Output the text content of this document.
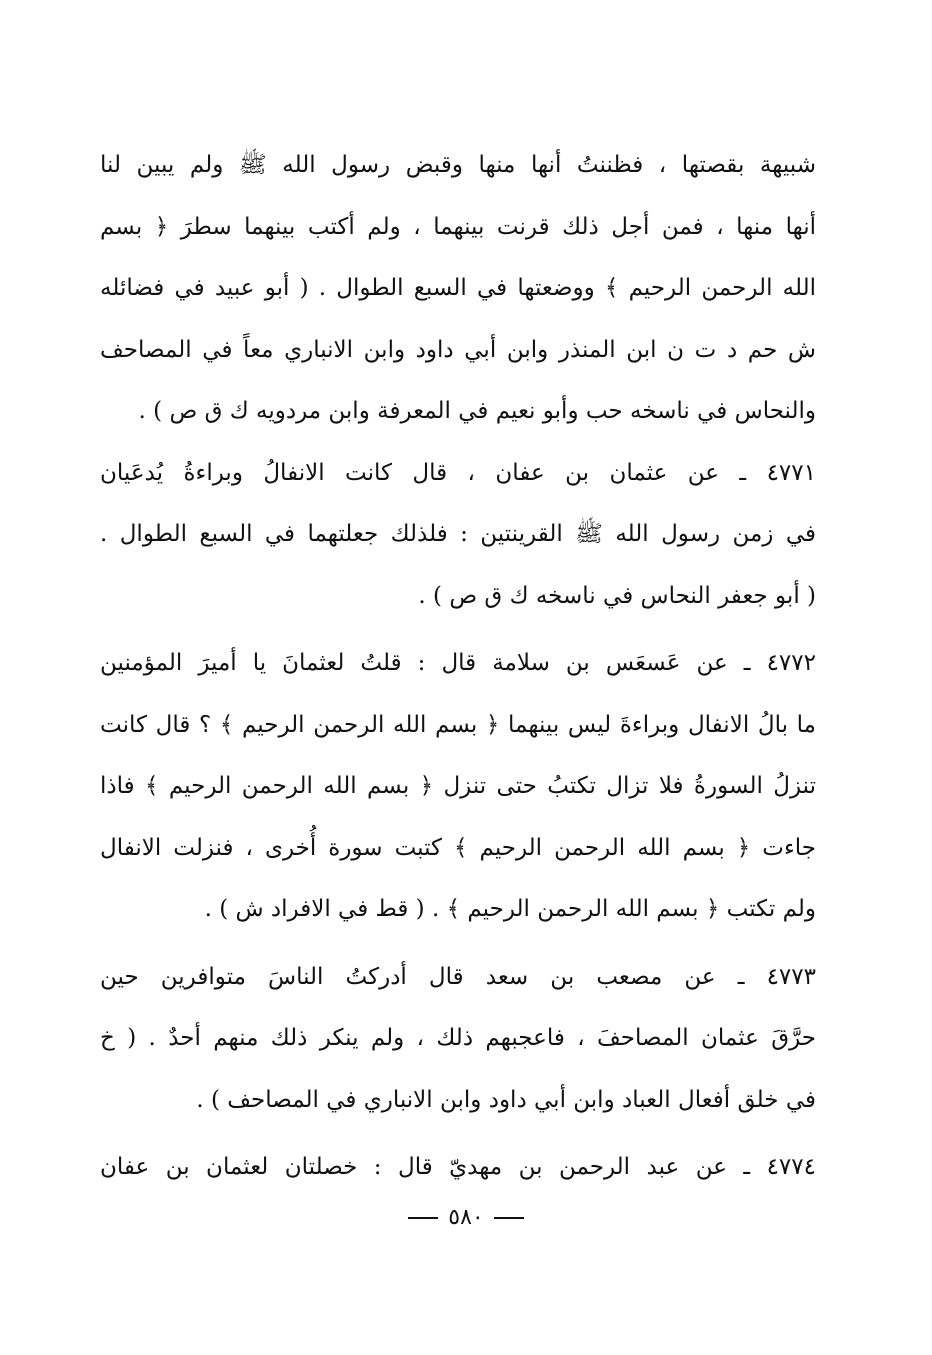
شبيهة بقصتها ، فظننتُ أنها منها وقبض رسول الله ﷺ ولم يبين لنا
أنها منها ، فمن أجل ذلك قرنت بينهما ، ولم أكتب بينهما سطرَ ﴿ بسم
الله الرحمن الرحيم ﴾ ووضعتها في السبع الطوال . ( أبو عبيد في فضائله
ش حم د ت ن ابن المنذر وابن أبي داود وابن الانباري معاً في المصاحف
والنحاس في ناسخه حب وأبو نعيم في المعرفة وابن مردويه ك ق ص ) .
٤٧٧١ ـ عن عثمان بن عفان ، قال كانت الانفالُ وبراءةُ يُدعَيان
في زمن رسول الله ﷺ القرينتين : فلذلك جعلتهما في السبع الطوال .
( أبو جعفر النحاس في ناسخه ك ق ص ) .
٤٧٧٢ ـ عن عَسعَس بن سلامة قال : قلتُ لعثمانَ يا أميرَ المؤمنين
ما بالُ الانفال وبراءةَ ليس بينهما ﴿ بسم الله الرحمن الرحيم ﴾ ؟ قال كانت
تنزلُ السورةُ فلا تزال تكتبُ حتى تنزل ﴿ بسم الله الرحمن الرحيم ﴾ فاذا
جاءت ﴿ بسم الله الرحمن الرحيم ﴾ كتبت سورة أُخرى ، فنزلت الانفال
ولم تكتب ﴿ بسم الله الرحمن الرحيم ﴾ . ( قط في الافراد ش ) .
٤٧٧٣ ـ عن مصعب بن سعد قال أدركتُ الناسَ متوافرين حين
حرَّقَ عثمان المصاحفَ ، فاعجبهم ذلك ، ولم ينكر ذلك منهم أحدٌ . ( خ
في خلق أفعال العباد وابن أبي داود وابن الانباري في المصاحف ) .
٤٧٧٤ ـ عن عبد الرحمن بن مهديّ قال : خصلتان لعثمان بن عفان
٥٨٠
